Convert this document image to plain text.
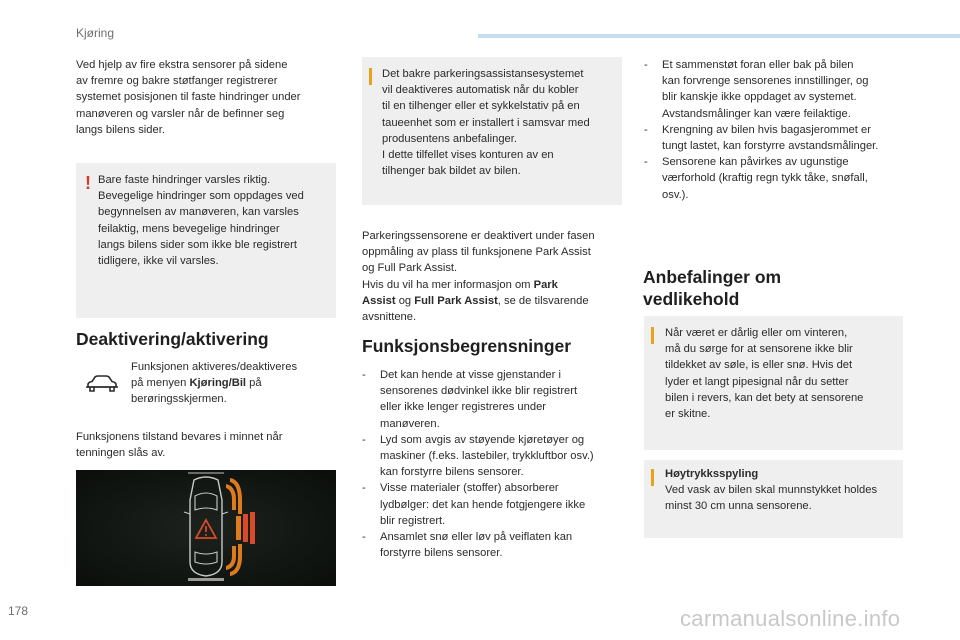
Kjøring
Ved hjelp av fire ekstra sensorer på sidene
av fremre og bakre støtfanger registrerer
systemet posisjonen til faste hindringer under
manøveren og varsler når de befinner seg
langs bilens sider.
! Bare faste hindringer varsles riktig.
Bevegelige hindringer som oppdages ved
begynnelsen av manøveren, kan varsles
feilaktig, mens bevegelige hindringer
langs bilens sider som ikke ble registrert
tidligere, ikke vil varsles.
Deaktivering/aktivering
Funksjonen aktiveres/deaktiveres
på menyen Kjøring/Bil på
berøringsskjermen.
Funksjonens tilstand bevares i minnet når
tenningen slås av.
Det bakre parkeringsassistansesystemet
vil deaktiveres automatisk når du kobler
til en tilhenger eller et sykkelstativ på en
taueenhet som er installert i samsvar med
produsentens anbefalinger.
I dette tilfellet vises konturen av en
tilhenger bak bildet av bilen.
Parkeringssensorene er deaktivert under fasen
oppmåling av plass til funksjonene Park Assist
og Full Park Assist.
Hvis du vil ha mer informasjon om Park
Assist og Full Park Assist, se de tilsvarende
avsnittene.
Funksjonsbegrensninger
- Det kan hende at visse gjenstander i
sensorenes dødvinkel ikke blir registrert
eller ikke lenger registreres under
manøveren.
- Lyd som avgis av støyende kjøretøyer og
maskiner (f.eks. lastebiler, trykkluftbor osv.)
kan forstyrre bilens sensorer.
- Visse materialer (stoffer) absorberer
lydbølger: det kan hende fotgjengere ikke
blir registrert.
- Ansamlet snø eller løv på veiflaten kan
forstyrre bilens sensorer.
- Et sammenstøt foran eller bak på bilen
kan forvrenge sensorenes innstillinger, og
blir kanskje ikke oppdaget av systemet.
Avstandsmålinger kan være feilaktige.
- Krengning av bilen hvis bagasjerommet er
tungt lastet, kan forstyrre avstandsmålinger.
- Sensorene kan påvirkes av ugunstige
værforhold (kraftig regn tykk tåke, snøfall,
osv.).
Anbefalinger om
vedlikehold
Når været er dårlig eller om vinteren,
må du sørge for at sensorene ikke blir
tildekket av søle, is eller snø. Hvis det
lyder et langt pipesignal når du setter
bilen i revers, kan det bety at sensorene
er skitne.
Høytrykksspyling
Ved vask av bilen skal munnstykket holdes
minst 30 cm unna sensorene.
178	carmanualsonline.info
